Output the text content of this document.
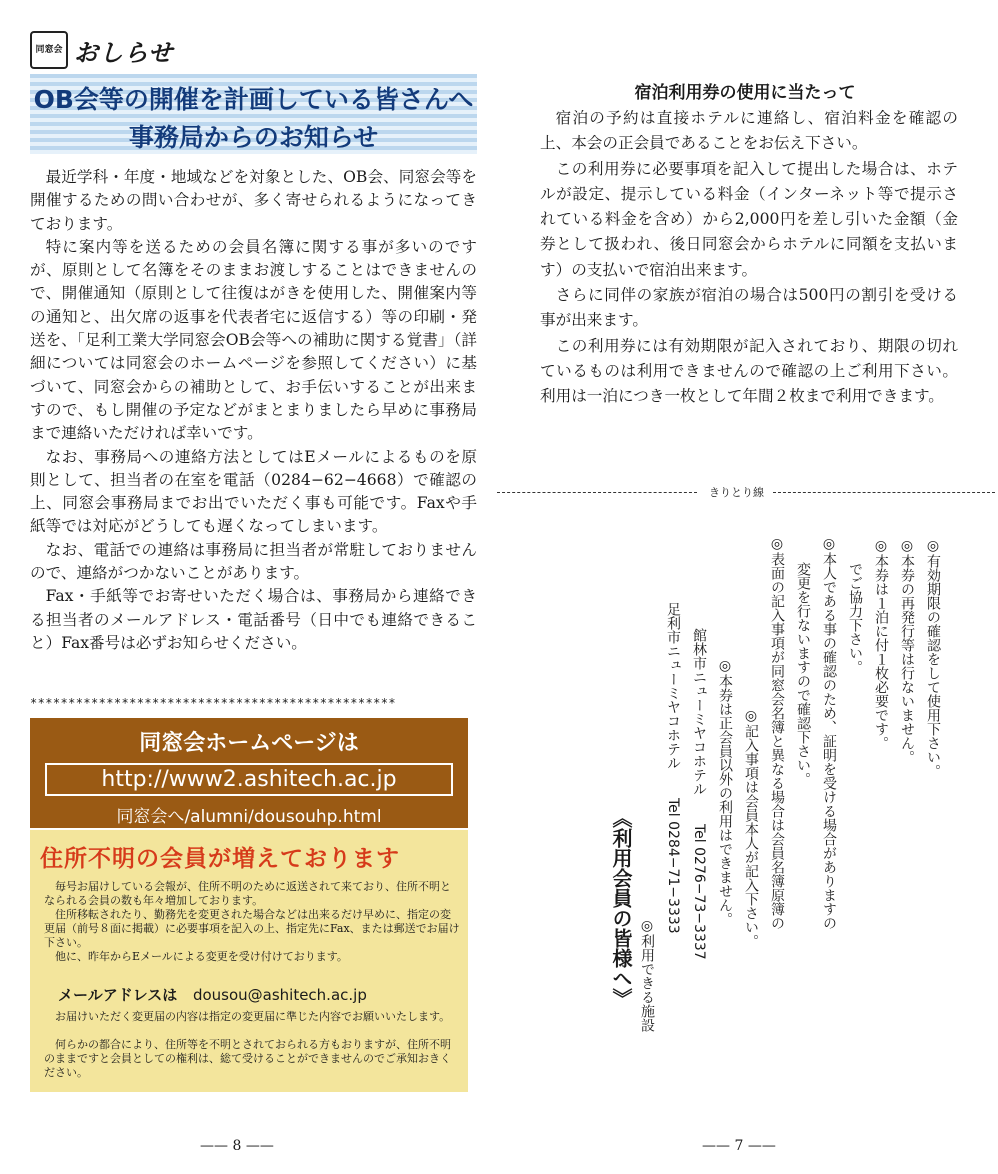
同窓会 おしらせ
OB会等の開催を計画している皆さんへ
事務局からのお知らせ

最近学科・年度・地域などを対象とした、OB会、同窓会等を開催するための問い合わせが、多く寄せられるようになってきております。

特に案内等を送るための会員名簿に関する事が多いのですが、原則として名簿をそのままお渡しすることはできませんので、開催通知（原則として往復はがきを使用した、開催案内等の通知と、出欠席の返事を代表者宅に返信する）等の印刷・発送を、「足利工業大学同窓会OB会等への補助に関する覚書」（詳細については同窓会のホームページを参照してください）に基づいて、同窓会からの補助として、お手伝いすることが出来ますので、もし開催の予定などがまとまりましたら早めに事務局まで連絡いただければ幸いです。

なお、事務局への連絡方法としてはEメールによるものを原則として、担当者の在室を電話（0284−62−4668）で確認の上、同窓会事務局までお出でいただく事も可能です。Faxや手紙等では対応がどうしても遅くなってしまいます。

なお、電話での連絡は事務局に担当者が常駐しておりませんので、連絡がつかないことがあります。

Fax・手紙等でお寄せいただく場合は、事務局から連絡できる担当者のメールアドレス・電話番号（日中でも連絡できること）Fax番号は必ずお知らせください。

************************************************
同窓会ホームページは
http://www2.ashitech.ac.jp
同窓会へ/alumni/dousouhp.html
住所不明の会員が増えております
毎号お届けしている会報が、住所不明のために返送されて来ており、住所不明となられる会員の数も年々増加しております。
住所移転されたり、勤務先を変更された場合などは出来るだけ早めに、指定の変更届（前号８面に掲載）に必要事項を記入の上、指定先にFax、または郵送でお届け下さい。
他に、昨年からEメールによる変更を受け付けております。
メールアドレスは dousou@ashitech.ac.jp
お届けいただく変更届の内容は指定の変更届に準じた内容でお願いいたします。
何らかの都合により、住所等を不明とされておられる方もおりますが、住所不明のままですと会員としての権利は、総て受けることができませんのでご承知おきください。
宿泊利用券の使用に当たって

宿泊の予約は直接ホテルに連絡し、宿泊料金を確認の上、本会の正会員であることをお伝え下さい。

この利用券に必要事項を記入して提出した場合は、ホテルが設定、提示している料金（インターネット等で提示されている料金を含め）から2,000円を差し引いた金額（金券として扱われ、後日同窓会からホテルに同額を支払います）の支払いで宿泊出来ます。

さらに同伴の家族が宿泊の場合は500円の割引を受ける事が出来ます。

この利用券には有効期限が記入されており、期限の切れているものは利用できませんので確認の上ご利用下さい。利用は一泊につき一枚として年間２枚まで利用できます。

きりとり線
◎有効期限の確認をして使用下さい。
◎本券の再発行等は行ないません。
◎本券は１泊に付１枚必要です。
でご協力下さい。
◎本人である事の確認のため、証明を受ける場合がありますの
変更を行ないますので確認下さい。
◎表面の記入事項が同窓会名簿と異なる場合は会員名簿原簿の
◎記入事項は会員本人が記入下さい。
◎本券は正会員以外の利用はできません。
館林市ニューミヤコホテル　　Tel 0276−73−3337
足利市ニューミヤコホテル　　Tel 0284−71−3333
◎利用できる施設
《利用会員の皆様へ》
—— 8 ——	—— 7 ——
